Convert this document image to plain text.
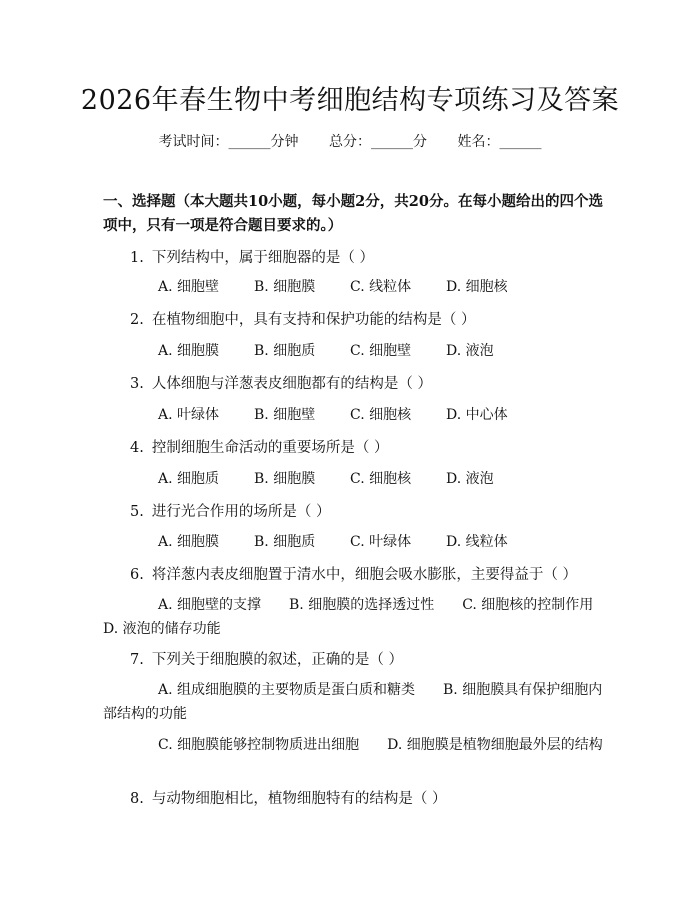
2026年春生物中考细胞结构专项练习及答案
考试时间：______分钟 总分：______分 姓名：______
一、选择题（本大题共10小题，每小题2分，共20分。在每小题给出的四个选项中，只有一项是符合题目要求的。）
1. 下列结构中，属于细胞器的是（ ）
A. 细胞壁 B. 细胞膜 C. 线粒体 D. 细胞核
2. 在植物细胞中，具有支持和保护功能的结构是（ ）
A. 细胞膜 B. 细胞质 C. 细胞壁 D. 液泡
3. 人体细胞与洋葱表皮细胞都有的结构是（ ）
A. 叶绿体 B. 细胞壁 C. 细胞核 D. 中心体
4. 控制细胞生命活动的重要场所是（ ）
A. 细胞质 B. 细胞膜 C. 细胞核 D. 液泡
5. 进行光合作用的场所是（ ）
A. 细胞膜 B. 细胞质 C. 叶绿体 D. 线粒体
6. 将洋葱内表皮细胞置于清水中，细胞会吸水膨胀，主要得益于（ ）
A. 细胞壁的支撑　　B. 细胞膜的选择透过性　　C. 细胞核的控制作用　　D. 液泡的储存功能
7. 下列关于细胞膜的叙述，正确的是（ ）
A. 组成细胞膜的主要物质是蛋白质和糖类　　B. 细胞膜具有保护细胞内部结构的功能
C. 细胞膜能够控制物质进出细胞　　D. 细胞膜是植物细胞最外层的结构
8. 与动物细胞相比，植物细胞特有的结构是（ ）
